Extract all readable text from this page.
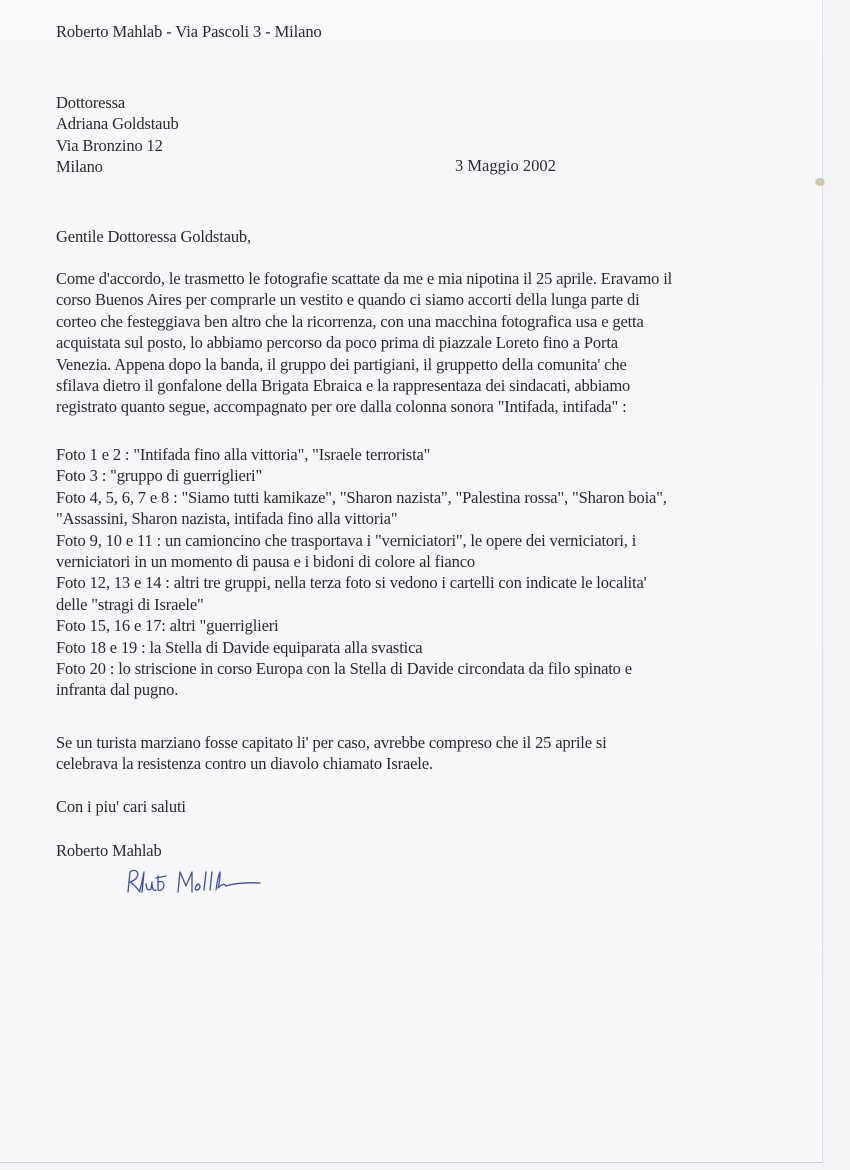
Roberto Mahlab - Via Pascoli 3 - Milano
Dottoressa
Adriana Goldstaub
Via Bronzino 12
Milano	3 Maggio 2002
Gentile Dottoressa Goldstaub,
Come d'accordo, le trasmetto le fotografie scattate da me e mia nipotina il 25 aprile. Eravamo il
corso Buenos Aires per comprarle un vestito e quando ci siamo accorti della lunga parte di
corteo che festeggiava ben altro che la ricorrenza, con una macchina fotografica usa e getta
acquistata sul posto, lo abbiamo percorso da poco prima di piazzale Loreto fino a Porta
Venezia. Appena dopo la banda, il gruppo dei partigiani, il gruppetto della comunita' che
sfilava dietro il gonfalone della Brigata Ebraica e la rappresentaza dei sindacati, abbiamo
registrato quanto segue, accompagnato per ore dalla colonna sonora "Intifada, intifada" :
Foto 1 e 2 : "Intifada fino alla vittoria", "Israele terrorista"
Foto 3 : "gruppo di guerriglieri"
Foto 4, 5, 6, 7 e 8 : "Siamo tutti kamikaze", "Sharon nazista", "Palestina rossa", "Sharon boia",
"Assassini, Sharon nazista, intifada fino alla vittoria"
Foto 9, 10 e 11 : un camioncino che trasportava i "verniciatori", le opere dei verniciatori, i
verniciatori in un momento di pausa e i bidoni di colore al fianco
Foto 12, 13 e 14 : altri tre gruppi, nella terza foto si vedono i cartelli con indicate le localita'
delle "stragi di Israele"
Foto 15, 16 e 17: altri "guerriglieri
Foto 18 e 19 : la Stella di Davide equiparata alla svastica
Foto 20 : lo striscione in corso Europa con la Stella di Davide circondata da filo spinato e
infranta dal pugno.
Se un turista marziano fosse capitato li' per caso, avrebbe compreso che il 25 aprile si
celebrava la resistenza contro un diavolo chiamato Israele.
Con i piu' cari saluti
Roberto Mahlab
